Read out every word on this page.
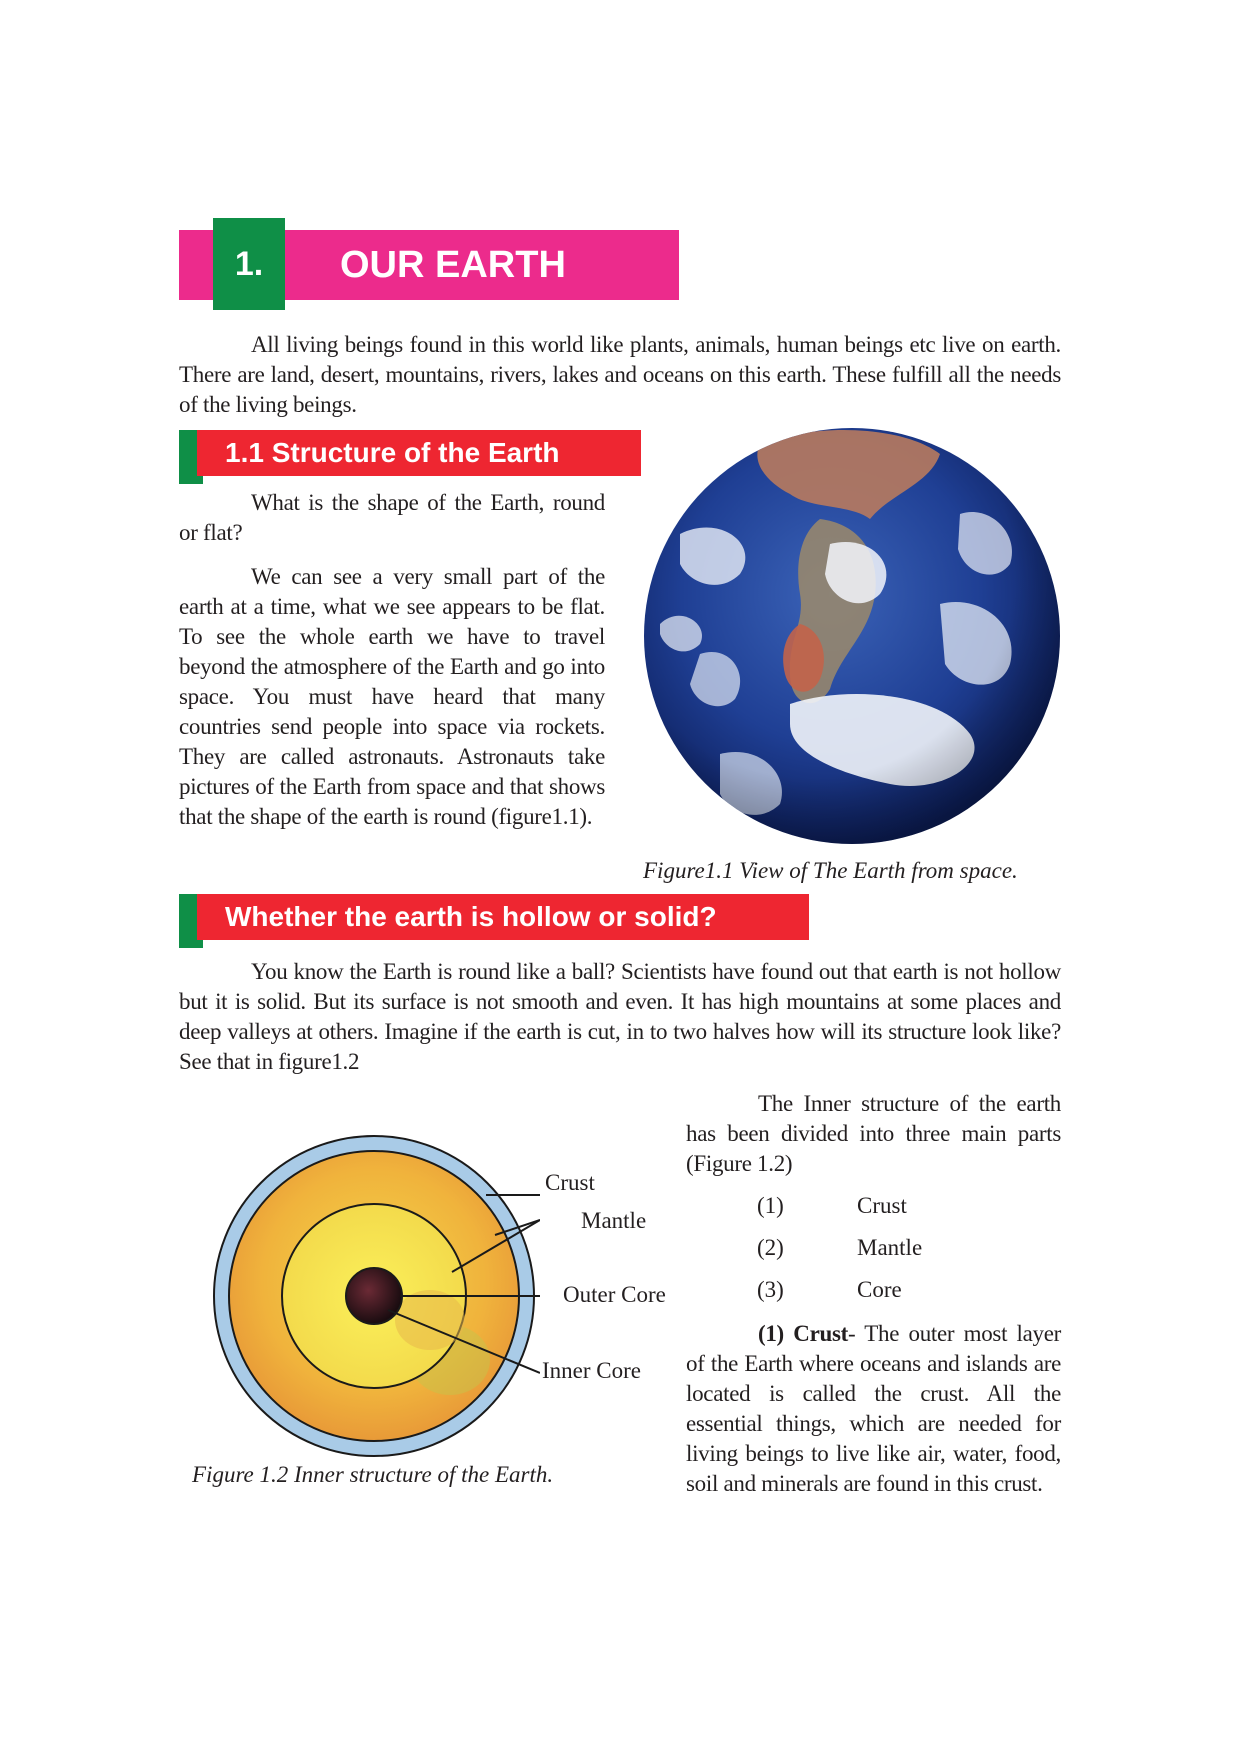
1.	OUR EARTH

All living beings found in this world like plants, animals, human beings etc live on earth. There are land, desert, mountains, rivers, lakes and oceans on this earth. These fulfill all the needs of the living beings.

1.1 Structure of the Earth

What is the shape of the Earth, round or flat?

We can see a very small part of the earth at a time, what we see appears to be flat. To see the whole earth we have to travel beyond the atmosphere of the Earth and go into space. You must have heard that many countries send people into space via rockets. They are called astronauts. Astronauts take pictures of the Earth from space and that shows that the shape of the earth is round (figure1.1).

Figure1.1 View of The Earth from space.
Whether the earth is hollow or solid?

You know the Earth is round like a ball? Scientists have found out that earth is not hollow but it is solid. But its surface is not smooth and even. It has high mountains at some places and deep valleys at others. Imagine if the earth is cut, in to two halves how will its structure look like? See that in figure1.2

Crust
Mantle
Outer Core
Inner Core
Figure 1.2 Inner structure of the Earth.

The Inner structure of the earth has been divided into three main parts (Figure 1.2)

(1)	Crust
(2)	Mantle
(3)	Core

(1) Crust- The outer most layer of the Earth where oceans and islands are located is called the crust. All the essential things, which are needed for living beings to live like air, water, food, soil and minerals are found in this crust.
